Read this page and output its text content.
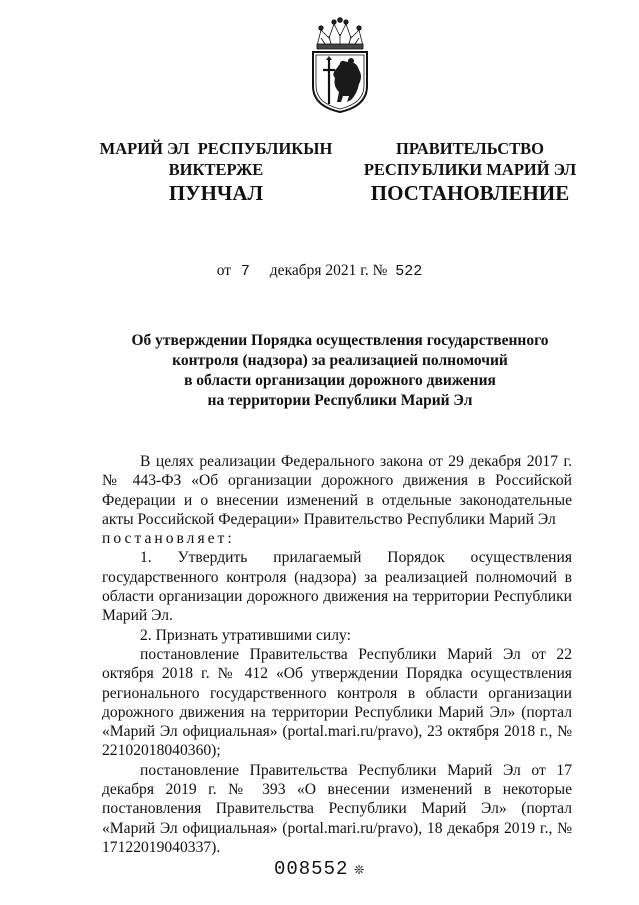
МАРИЙ ЭЛ  РЕСПУБЛИКЫН
ВИКТЕРЖЕ
ПУНЧАЛ
ПРАВИТЕЛЬСТВО
РЕСПУБЛИКИ МАРИЙ ЭЛ
ПОСТАНОВЛЕНИЕ
от 7 декабря 2021 г. № 522
Об утверждении Порядка осуществления государственного
контроля (надзора) за реализацией полномочий
в области организации дорожного движения
на территории Республики Марий Эл

В целях реализации Федерального закона от 29 декабря 2017 г. № 443-ФЗ «Об организации дорожного движения в Российской Федерации и о внесении изменений в отдельные законодательные акты Российской Федерации» Правительство Республики Марий Эл

постановляет:

1. Утвердить прилагаемый Порядок осуществления государственного контроля (надзора) за реализацией полномочий в области организации дорожного движения на территории Республики Марий Эл.

2. Признать утратившими силу:

постановление Правительства Республики Марий Эл от 22 октября 2018 г. № 412 «Об утверждении Порядка осуществления регионального государственного контроля в области организации дорожного движения на территории Республики Марий Эл» (портал «Марий Эл официальная» (portal.mari.ru/pravo), 23 октября 2018 г., № 22102018040360);

постановление Правительства Республики Марий Эл от 17 декабря 2019 г. № 393 «О внесении изменений в некоторые постановления Правительства Республики Марий Эл» (портал «Марий Эл официальная» (portal.mari.ru/pravo), 18 декабря 2019 г., № 17122019040337).

008552 ❊
